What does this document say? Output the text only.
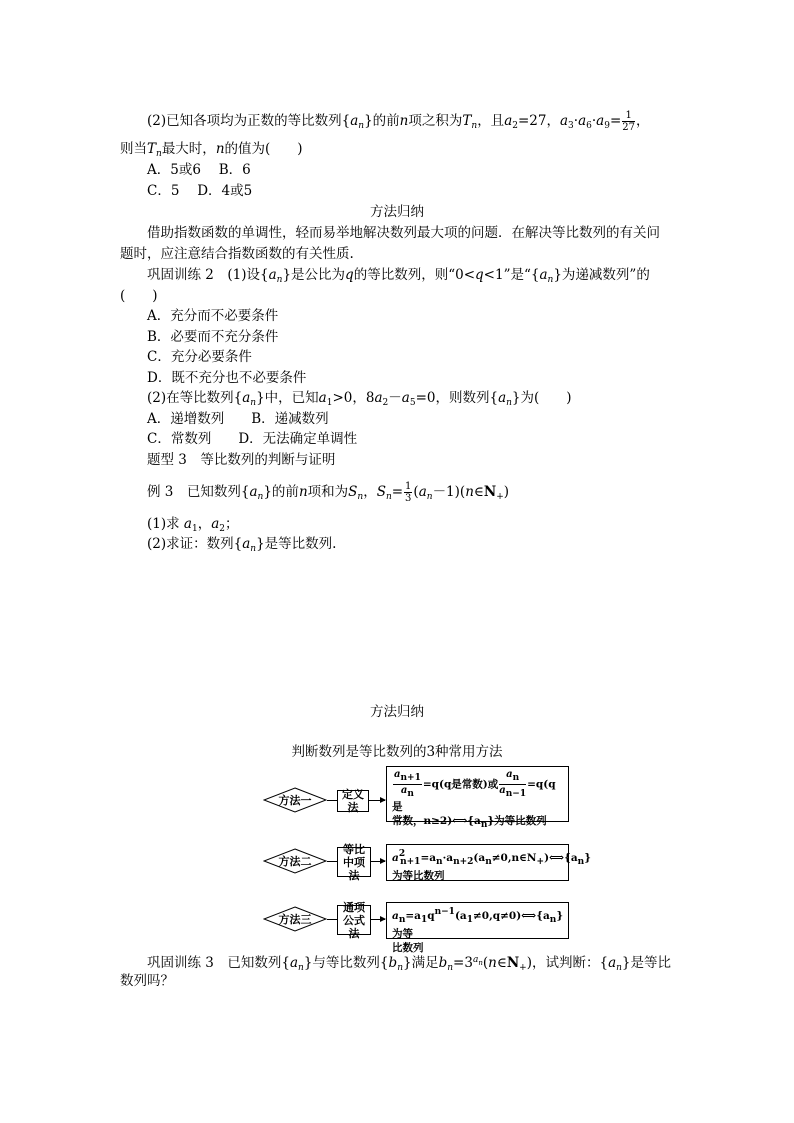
(2)已知各项均为正数的等比数列$\{a_n\}$的前n项之积为$T_n$，且$a_2=27$，$a_3\cdot a_6\cdot a_9= \frac{1}{27}$ ，
则当$T_n$最大时，n的值为(　　)
A．5或6　 B．6
C．5　 D．4或5
方法归纳
借助指数函数的单调性，轻而易举地解决数列最大项的问题．在解决等比数列的有关问
题时，应注意结合指数函数的有关性质.
巩固训练 2　(1)设$\{a_n\}$是公比为q的等比数列，则“0<q<1”是“$\{a_n\}$为递减数列”的
(　　)
A．充分而不必要条件
B．必要而不充分条件
C．充分必要条件
D．既不充分也不必要条件
(2)在等比数列$\{a_n\}$中，已知$a_1>0$，$8a_2-a_5=0$，则数列$\{a_n\}$为(　　)
A．递增数列　　B．递减数列
C．常数列　　D．无法确定单调性
题型 3　等比数列的判断与证明
例 3　已知数列$\{a_n\}$的前n项和为$S_n$，$S_n= \frac{1}{3}$ $(a_n-1)(n\in N_+)$
(1)求 $a_1$，$a_2$；
(2)求证：数列$\{a_n\}$是等比数列.
方法归纳
判断数列是等比数列的3种常用方法
方法一	定义法
$\frac{a_{n+1}}{a_n} =q(q$是常数)或 $\frac{a_n}{a_{n-1}} =q(q$是
常数，$n\ge 2)⟺\{a_n\}$为等比数列
方法二
等比
中项法
$a^2_{n+1}=a_n\cdot a_{n+2}(a_n\ne 0,n\in N_+)⟺\{a_n\}$
为等比数列
方法三
通项
公式法
$a_n=a_1q^{n-1}(a_1\ne 0,q\ne 0)⟺\{a_n\}$为等
比数列
巩固训练 3　已知数列$\{a_n\}$与等比数列$\{b_n\}$满足$b_n=3^{a_n}(n\in N_+)$，试判断：$\{a_n\}$是等比
数列吗？
